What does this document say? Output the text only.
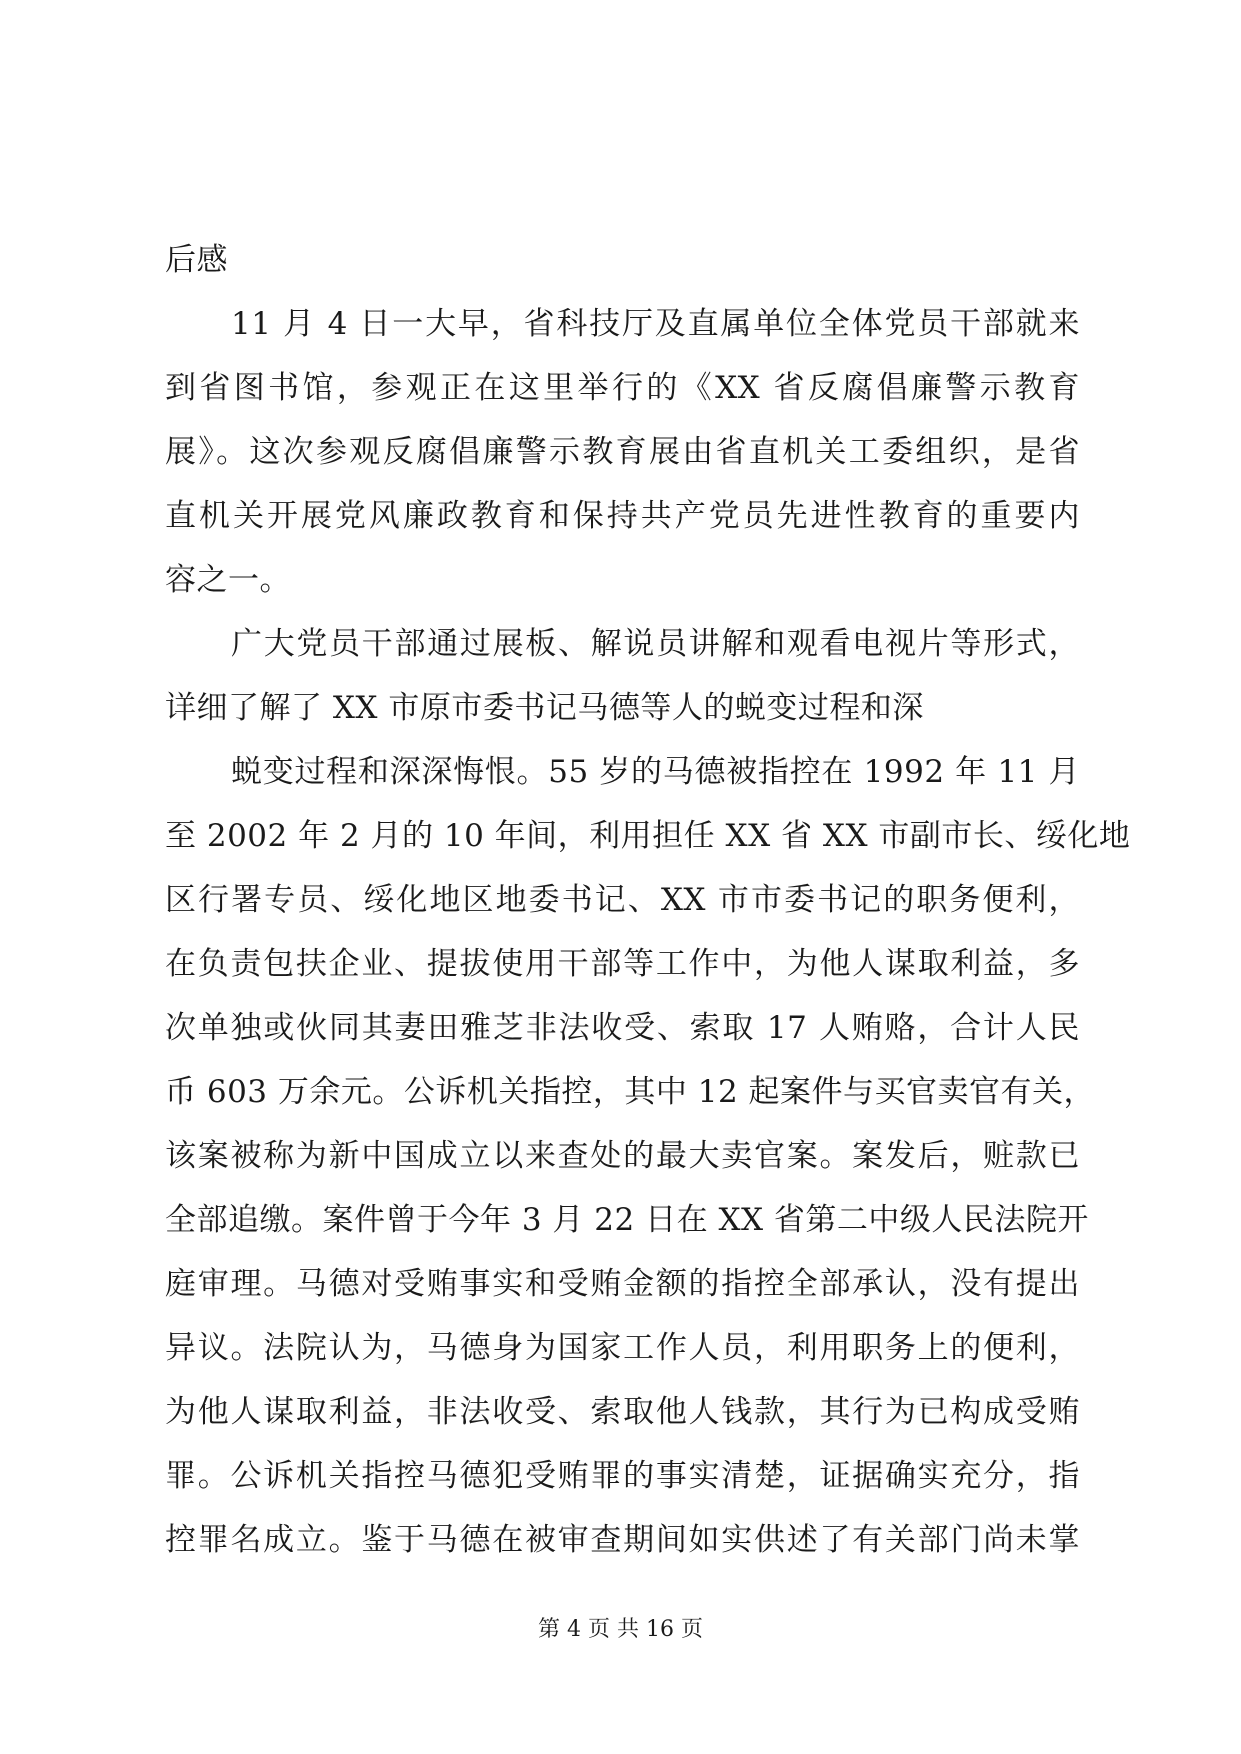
后感
11 月 4 日一大早，省科技厅及直属单位全体党员干部就来
到省图书馆，参观正在这里举行的《XX 省反腐倡廉警示教育
展》。这次参观反腐倡廉警示教育展由省直机关工委组织，是省
直机关开展党风廉政教育和保持共产党员先进性教育的重要内
容之一。
广大党员干部通过展板、解说员讲解和观看电视片等形式，
详细了解了 XX 市原市委书记马德等人的蜕变过程和深
蜕变过程和深深悔恨。55 岁的马德被指控在 1992 年 11 月
至 2002 年 2 月的 10 年间，利用担任 XX 省 XX 市副市长、绥化地
区行署专员、绥化地区地委书记、XX 市市委书记的职务便利，
在负责包扶企业、提拔使用干部等工作中，为他人谋取利益，多
次单独或伙同其妻田雅芝非法收受、索取 17 人贿赂，合计人民
币 603 万余元。公诉机关指控，其中 12 起案件与买官卖官有关，
该案被称为新中国成立以来查处的最大卖官案。案发后，赃款已
全部追缴。案件曾于今年 3 月 22 日在 XX 省第二中级人民法院开
庭审理。马德对受贿事实和受贿金额的指控全部承认，没有提出
异议。法院认为，马德身为国家工作人员，利用职务上的便利，
为他人谋取利益，非法收受、索取他人钱款，其行为已构成受贿
罪。公诉机关指控马德犯受贿罪的事实清楚，证据确实充分，指
控罪名成立。鉴于马德在被审查期间如实供述了有关部门尚未掌
第 4 页 共 16 页
